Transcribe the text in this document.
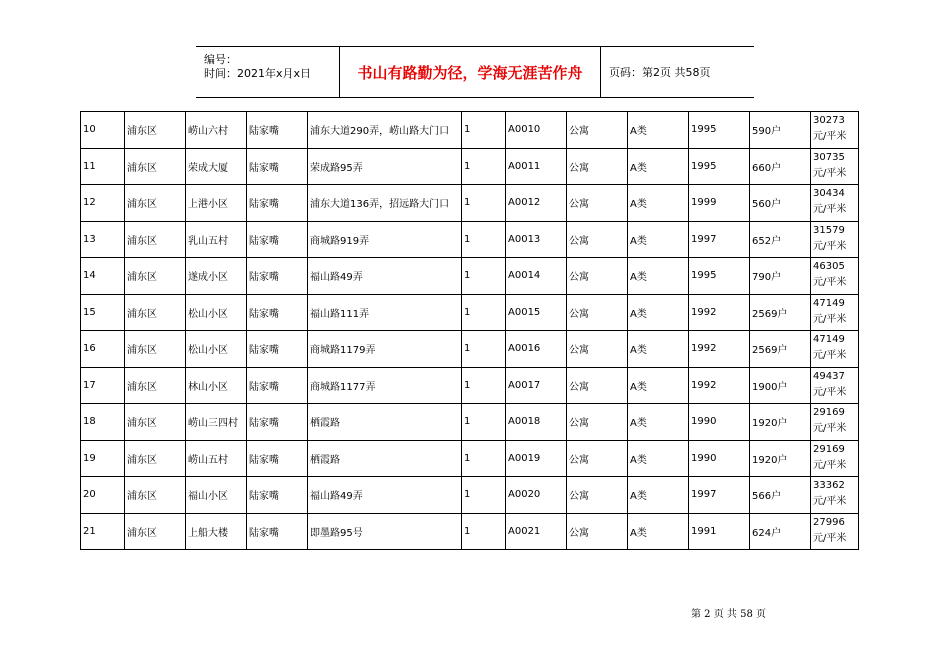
编号：
时间：2021年x月x日	书山有路勤为径，学海无涯苦作舟	页码：第2页 共58页
10	浦东区	崂山六村	陆家嘴	浦东大道290弄，崂山路大门口	1	A0010	公寓	A类	1995	590户	30273元/平米
11	浦东区	荣成大厦	陆家嘴	荣成路95弄	1	A0011	公寓	A类	1995	660户	30735元/平米
12	浦东区	上港小区	陆家嘴	浦东大道136弄，招远路大门口	1	A0012	公寓	A类	1999	560户	30434元/平米
13	浦东区	乳山五村	陆家嘴	商城路919弄	1	A0013	公寓	A类	1997	652户	31579元/平米
14	浦东区	遂成小区	陆家嘴	福山路49弄	1	A0014	公寓	A类	1995	790户	46305元/平米
15	浦东区	松山小区	陆家嘴	福山路111弄	1	A0015	公寓	A类	1992	2569户	47149元/平米
16	浦东区	松山小区	陆家嘴	商城路1179弄	1	A0016	公寓	A类	1992	2569户	47149元/平米
17	浦东区	林山小区	陆家嘴	商城路1177弄	1	A0017	公寓	A类	1992	1900户	49437元/平米
18	浦东区	崂山三四村	陆家嘴	栖霞路	1	A0018	公寓	A类	1990	1920户	29169元/平米
19	浦东区	崂山五村	陆家嘴	栖霞路	1	A0019	公寓	A类	1990	1920户	29169元/平米
20	浦东区	福山小区	陆家嘴	福山路49弄	1	A0020	公寓	A类	1997	566户	33362元/平米
21	浦东区	上船大楼	陆家嘴	即墨路95号	1	A0021	公寓	A类	1991	624户	27996元/平米
第 2 页 共 58 页
